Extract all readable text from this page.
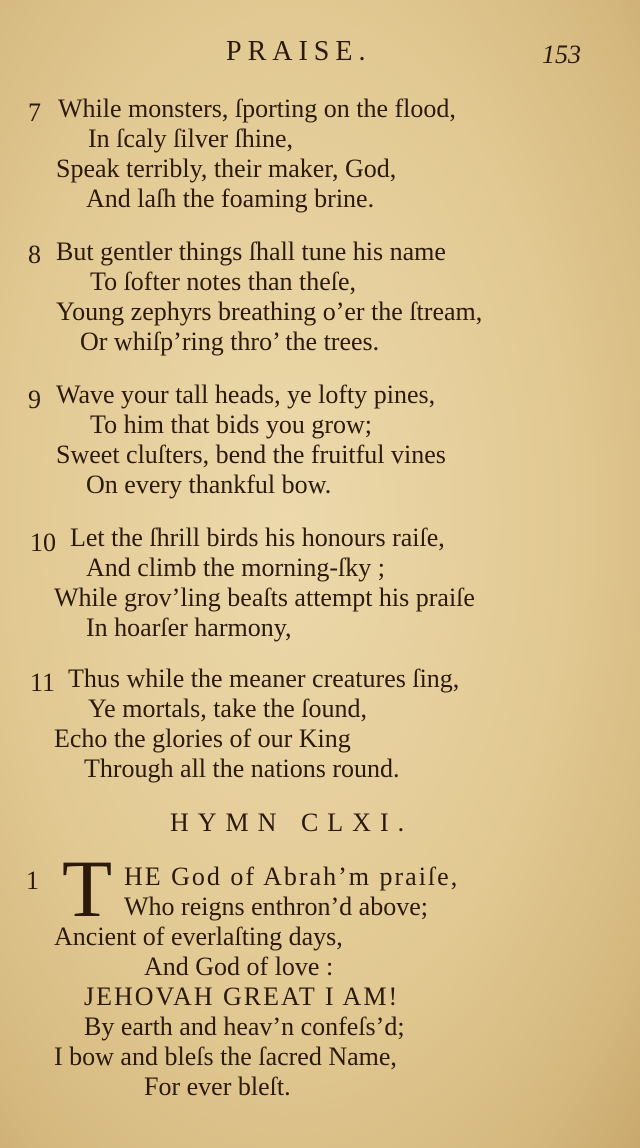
PRAISE.	153
7 While monsters, ſporting on the flood,
In ſcaly ſilver ſhine,
Speak terribly, their maker, God,
And laſh the foaming brine.
8 But gentler things ſhall tune his name
To ſofter notes than theſe,
Young zephyrs breathing o’er the ſtream,
Or whiſp’ring thro’ the trees.
9 Wave your tall heads, ye lofty pines,
To him that bids you grow;
Sweet cluſters, bend the fruitful vines
On every thankful bow.
10 Let the ſhrill birds his honours raiſe,
And climb the morning-ſky ;
While grov’ling beaſts attempt his praiſe
In hoarſer harmony,
11 Thus while the meaner creatures ſing,
Ye mortals, take the ſound,
Echo the glories of our King
Through all the nations round.
HYMN CLXI.
1 T HE God of Abrah’m praiſe,
Who reigns enthron’d above;
Ancient of everlaſting days,
And God of love :
JEHOVAH GREAT I AM!
By earth and heav’n confeſs’d;
I bow and bleſs the ſacred Name,
For ever bleſt.
